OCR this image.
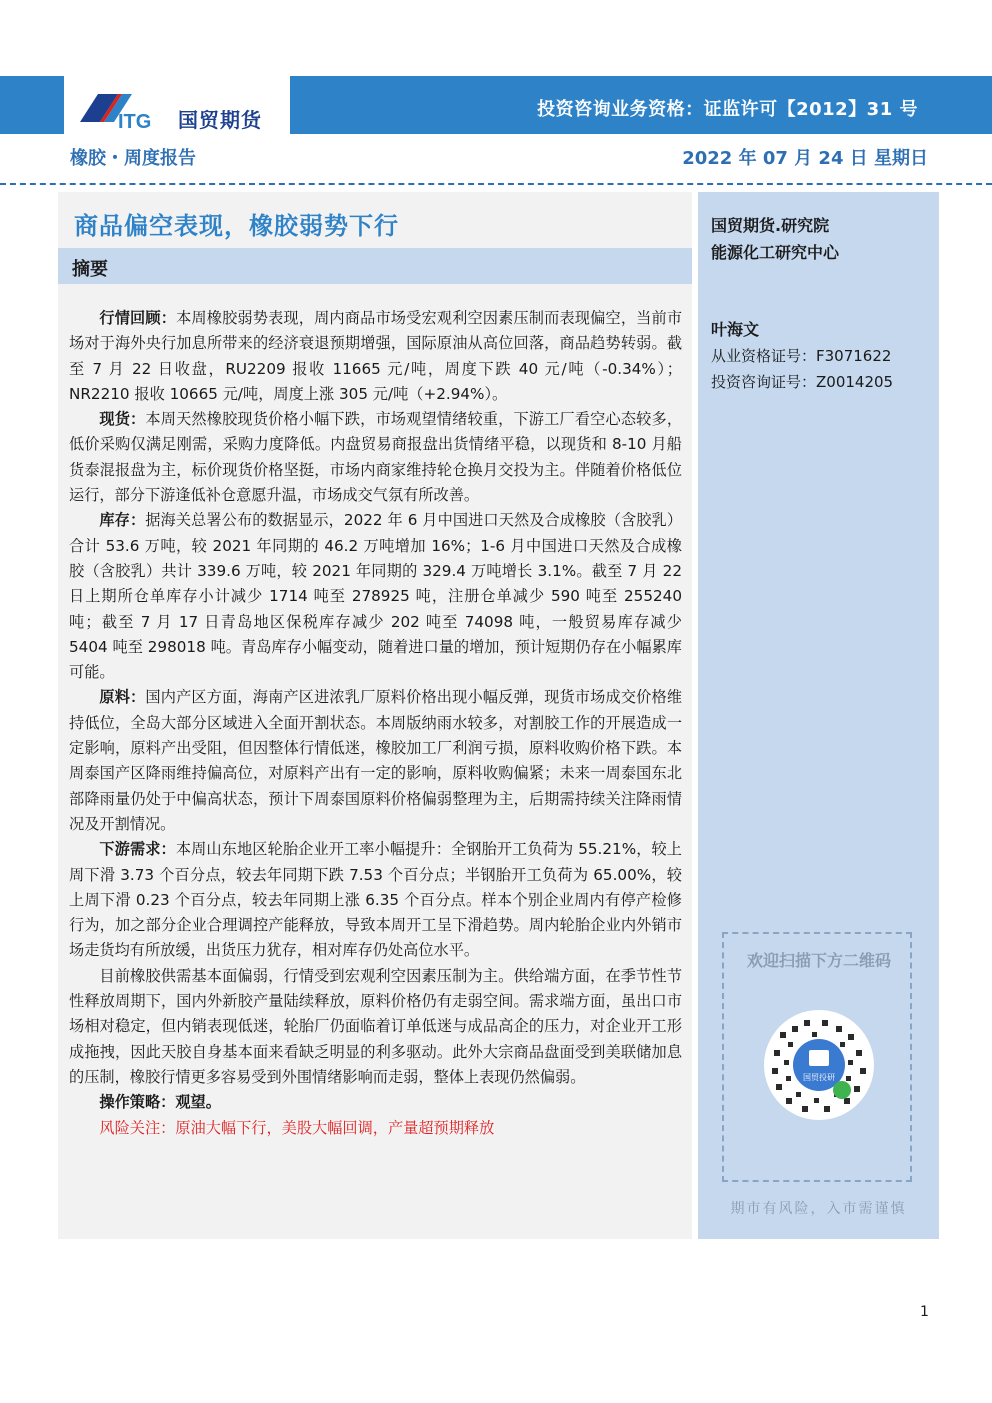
ITG 国贸期货	投资咨询业务资格：证监许可【2012】31 号
橡胶・周度报告	2022 年 07 月 24 日 星期日
商品偏空表现，橡胶弱势下行
摘要

行情回顾：本周橡胶弱势表现，周内商品市场受宏观利空因素压制而表现偏空，当前市场对于海外央行加息所带来的经济衰退预期增强，国际原油从高位回落，商品趋势转弱。截至 7 月 22 日收盘，RU2209 报收 11665 元/吨，周度下跌 40 元/吨（-0.34%）；NR2210 报收 10665 元/吨，周度上涨 305 元/吨（+2.94%）。

现货：本周天然橡胶现货价格小幅下跌，市场观望情绪较重，下游工厂看空心态较多，低价采购仅满足刚需，采购力度降低。内盘贸易商报盘出货情绪平稳，以现货和 8-10 月船货泰混报盘为主，标价现货价格坚挺，市场内商家维持轮仓换月交投为主。伴随着价格低位运行，部分下游逢低补仓意愿升温，市场成交气氛有所改善。

库存：据海关总署公布的数据显示，2022 年 6 月中国进口天然及合成橡胶（含胶乳）合计 53.6 万吨，较 2021 年同期的 46.2 万吨增加 16%；1-6 月中国进口天然及合成橡胶（含胶乳）共计 339.6 万吨，较 2021 年同期的 329.4 万吨增长 3.1%。截至 7 月 22 日上期所仓单库存小计减少 1714 吨至 278925 吨，注册仓单减少 590 吨至 255240 吨；截至 7 月 17 日青岛地区保税库存减少 202 吨至 74098 吨，一般贸易库存减少 5404 吨至 298018 吨。青岛库存小幅变动，随着进口量的增加，预计短期仍存在小幅累库可能。

原料：国内产区方面，海南产区进浓乳厂原料价格出现小幅反弹，现货市场成交价格维持低位，全岛大部分区域进入全面开割状态。本周版纳雨水较多，对割胶工作的开展造成一定影响，原料产出受阻，但因整体行情低迷，橡胶加工厂利润亏损，原料收购价格下跌。本周泰国产区降雨维持偏高位，对原料产出有一定的影响，原料收购偏紧；未来一周泰国东北部降雨量仍处于中偏高状态，预计下周泰国原料价格偏弱整理为主，后期需持续关注降雨情况及开割情况。

下游需求：本周山东地区轮胎企业开工率小幅提升：全钢胎开工负荷为 55.21%，较上周下滑 3.73 个百分点，较去年同期下跌 7.53 个百分点；半钢胎开工负荷为 65.00%，较上周下滑 0.23 个百分点，较去年同期上涨 6.35 个百分点。样本个别企业周内有停产检修行为，加之部分企业合理调控产能释放，导致本周开工呈下滑趋势。周内轮胎企业内外销市场走货均有所放缓，出货压力犹存，相对库存仍处高位水平。

目前橡胶供需基本面偏弱，行情受到宏观利空因素压制为主。供给端方面，在季节性节性释放周期下，国内外新胶产量陆续释放，原料价格仍有走弱空间。需求端方面，虽出口市场相对稳定，但内销表现低迷，轮胎厂仍面临着订单低迷与成品高企的压力，对企业开工形成拖拽，因此天胶自身基本面来看缺乏明显的利多驱动。此外大宗商品盘面受到美联储加息的压制，橡胶行情更多容易受到外围情绪影响而走弱，整体上表现仍然偏弱。

操作策略：观望。

风险关注：原油大幅下行，美股大幅回调，产量超预期释放

国贸期货.研究院
能源化工研究中心
叶海文
从业资格证号：F3071622
投资咨询证号：Z0014205
欢迎扫描下方二维码
国贸投研
期市有风险，入市需谨慎
1
